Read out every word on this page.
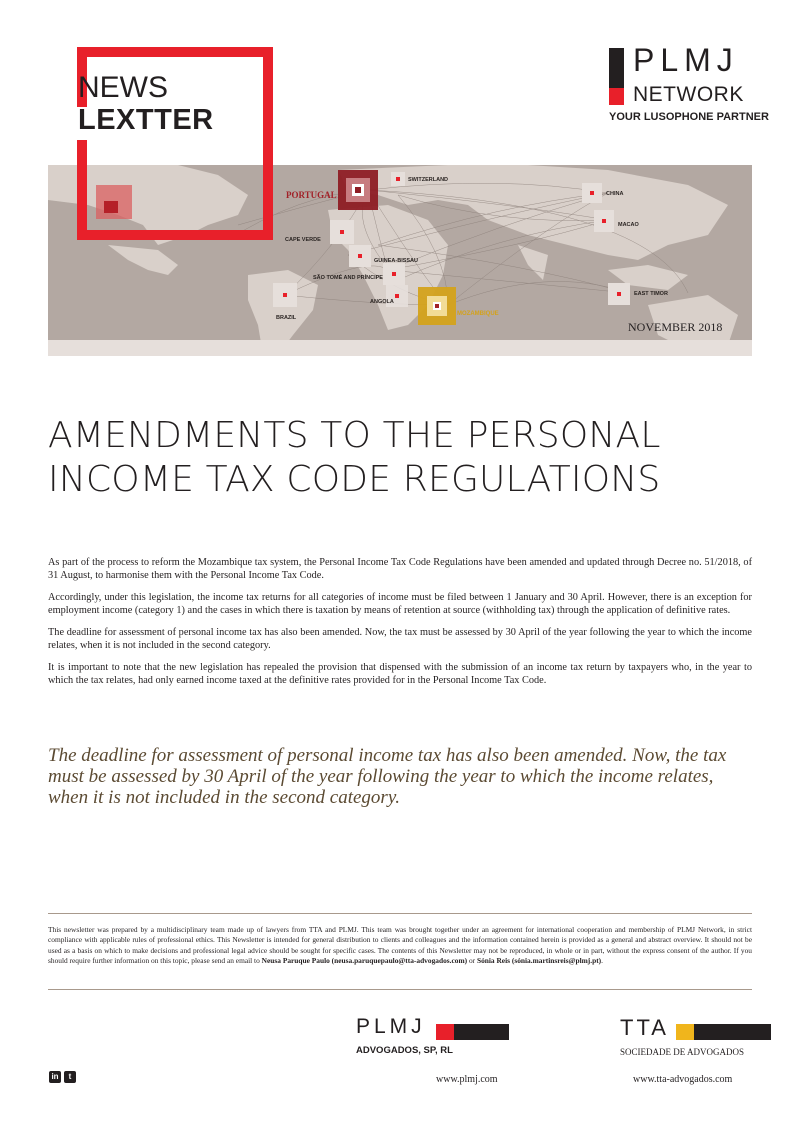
NEWS
LEXTTER
PLMJ
NETWORK
YOUR LUSOPHONE PARTNER
PORTUGAL
SWITZERLAND
CHINA
MACAO
CAPE VERDE
GUINEA-BISSAU
SÃO TOMÉ AND PRÍNCIPE
ANGOLA
MOZAMBIQUE
BRAZIL
EAST TIMOR
NOVEMBER 2018
AMENDMENTS TO THE PERSONAL INCOME TAX CODE REGULATIONS

As part of the process to reform the Mozambique tax system, the Personal Income Tax Code Regulations have been amended and updated through Decree no. 51/2018, of 31 August, to harmonise them with the Personal Income Tax Code.

Accordingly, under this legislation, the income tax returns for all categories of income must be filed between 1 January and 30 April. However, there is an exception for employment income (category 1) and the cases in which there is taxation by means of retention at source (withholding tax) through the application of definitive rates.

The deadline for assessment of personal income tax has also been amended. Now, the tax must be assessed by 30 April of the year following the year to which the income relates, when it is not included in the second category.

It is important to note that the new legislation has repealed the provision that dispensed with the submission of an income tax return by taxpayers who, in the year to which the tax relates, had only earned income taxed at the definitive rates provided for in the Personal Income Tax Code.

The deadline for assessment of personal income tax has also been amended. Now, the tax must be assessed by 30 April of the year following the year to which the income relates, when it is not included in the second category.
This newsletter was prepared by a multidisciplinary team made up of lawyers from TTA and PLMJ. This team was brought together under an agreement for international cooperation and membership of PLMJ Network, in strict compliance with applicable rules of professional ethics. This Newsletter is intended for general distribution to clients and colleagues and the information contained herein is provided as a general and abstract overview. It should not be used as a basis on which to make decisions and professional legal advice should be sought for specific cases. The contents of this Newsletter may not be reproduced, in whole or in part, without the express consent of the author. If you should require further information on this topic, please send an email to Neusa Paruque Paulo (neusa.paruquepaulo@tta-advogados.com) or Sónia Reis (sónia.martinsreis@plmj.pt).
PLMJ
ADVOGADOS, SP, RL
TTA
SOCIEDADE DE ADVOGADOS
in	t	www.plmj.com	www.tta-advogados.com
